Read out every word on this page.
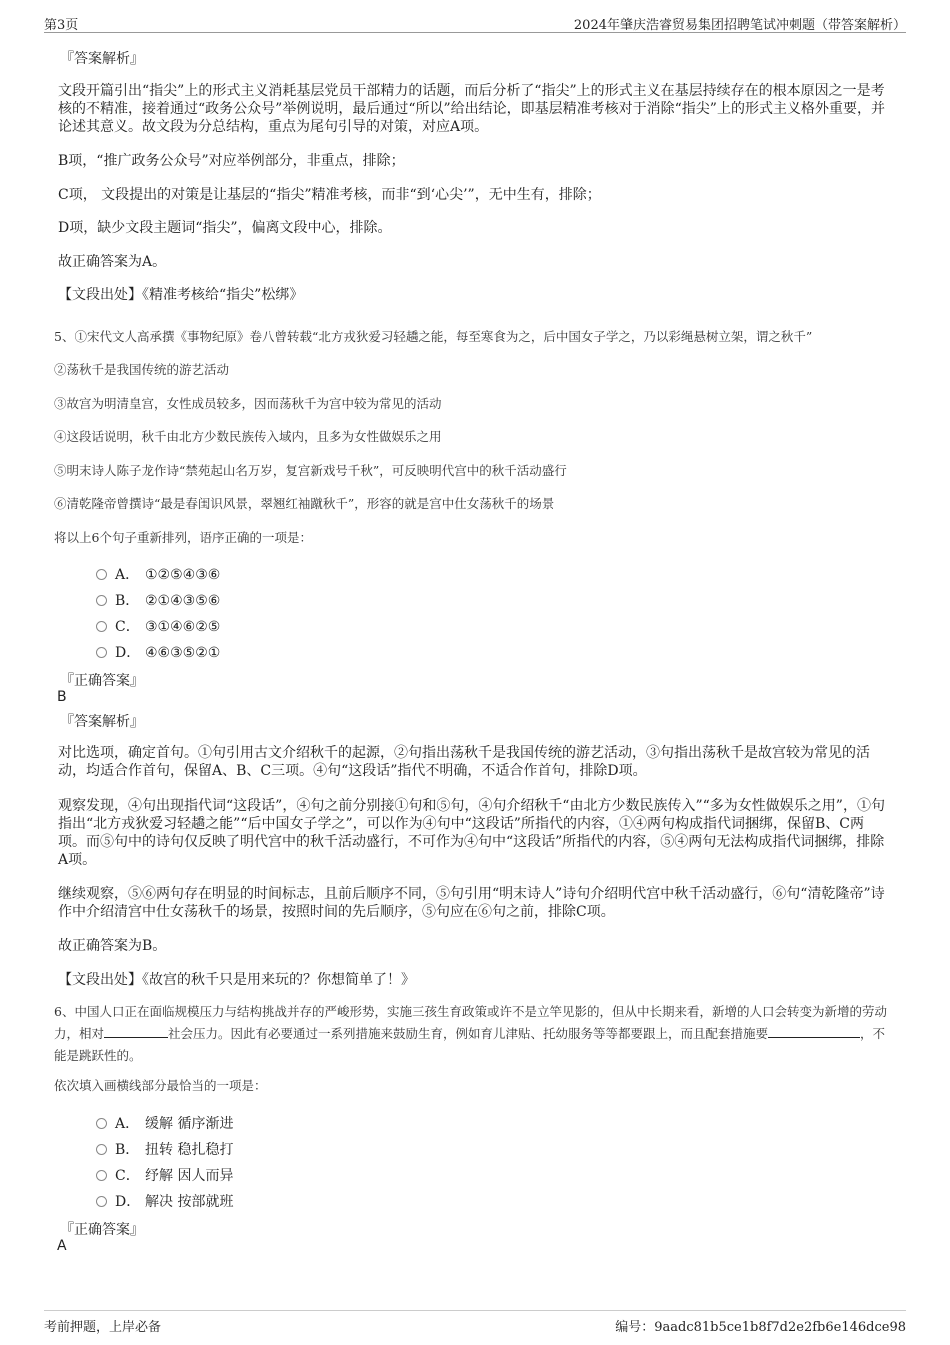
第3页	2024年肇庆浩睿贸易集团招聘笔试冲刺题（带答案解析）
『答案解析』
文段开篇引出“指尖”上的形式主义消耗基层党员干部精力的话题，而后分析了“指尖”上的形式主义在基层持续存在的根本原因之一是考核的不精准，接着通过“政务公众号”举例说明，最后通过“所以”给出结论，即基层精准考核对于消除“指尖”上的形式主义格外重要，并论述其意义。故文段为分总结构，重点为尾句引导的对策，对应A项。
B项，“推广政务公众号”对应举例部分，非重点，排除；
C项， 文段提出的对策是让基层的“指尖”精准考核，而非“到‘心尖’”，无中生有，排除；
D项，缺少文段主题词“指尖”，偏离文段中心，排除。
故正确答案为A。
【文段出处】《精准考核给“指尖”松绑》
5、①宋代文人高承撰《事物纪原》卷八曾转载“北方戎狄爱习轻趫之能，每至寒食为之，后中国女子学之，乃以彩绳悬树立架，谓之秋千”
②荡秋千是我国传统的游艺活动
③故宫为明清皇宫，女性成员较多，因而荡秋千为宫中较为常见的活动
④这段话说明，秋千由北方少数民族传入域内，且多为女性做娱乐之用
⑤明末诗人陈子龙作诗“禁苑起山名万岁，复宫新戏号千秋”，可反映明代宫中的秋千活动盛行
⑥清乾隆帝曾撰诗“最是春闺识风景，翠翘红袖蹴秋千”，形容的就是宫中仕女荡秋千的场景
将以上6个句子重新排列，语序正确的一项是：
A． ①②⑤④③⑥
B． ②①④③⑤⑥
C． ③①④⑥②⑤
D． ④⑥③⑤②①
『正确答案』
B
『答案解析』
对比选项，确定首句。①句引用古文介绍秋千的起源，②句指出荡秋千是我国传统的游艺活动，③句指出荡秋千是故宫较为常见的活动，均适合作首句，保留A、B、C三项。④句“这段话”指代不明确，不适合作首句，排除D项。
观察发现，④句出现指代词“这段话”，④句之前分别接①句和⑤句，④句介绍秋千“由北方少数民族传入”“多为女性做娱乐之用”，①句指出“北方戎狄爱习轻趫之能”“后中国女子学之”，可以作为④句中“这段话”所指代的内容，①④两句构成指代词捆绑，保留B、C两项。而⑤句中的诗句仅反映了明代宫中的秋千活动盛行，不可作为④句中“这段话”所指代的内容，⑤④两句无法构成指代词捆绑，排除A项。
继续观察，⑤⑥两句存在明显的时间标志，且前后顺序不同，⑤句引用“明末诗人”诗句介绍明代宫中秋千活动盛行，⑥句“清乾隆帝”诗作中介绍清宫中仕女荡秋千的场景，按照时间的先后顺序，⑤句应在⑥句之前，排除C项。
故正确答案为B。
【文段出处】《故宫的秋千只是用来玩的？你想简单了！》
6、中国人口正在面临规模压力与结构挑战并存的严峻形势，实施三孩生育政策或许不是立竿见影的，但从中长期来看，新增的人口会转变为新增的劳动力，相对	社会压力。因此有必要通过一系列措施来鼓励生育，例如育儿津贴、托幼服务等等都要跟上，而且配套措施要	，不能是跳跃性的。
依次填入画横线部分最恰当的一项是：
A． 缓解 循序渐进
B． 扭转 稳扎稳打
C． 纾解 因人而异
D． 解决 按部就班
『正确答案』
A
考前押题，上岸必备	编号：9aadc81b5ce1b8f7d2e2fb6e146dce98
